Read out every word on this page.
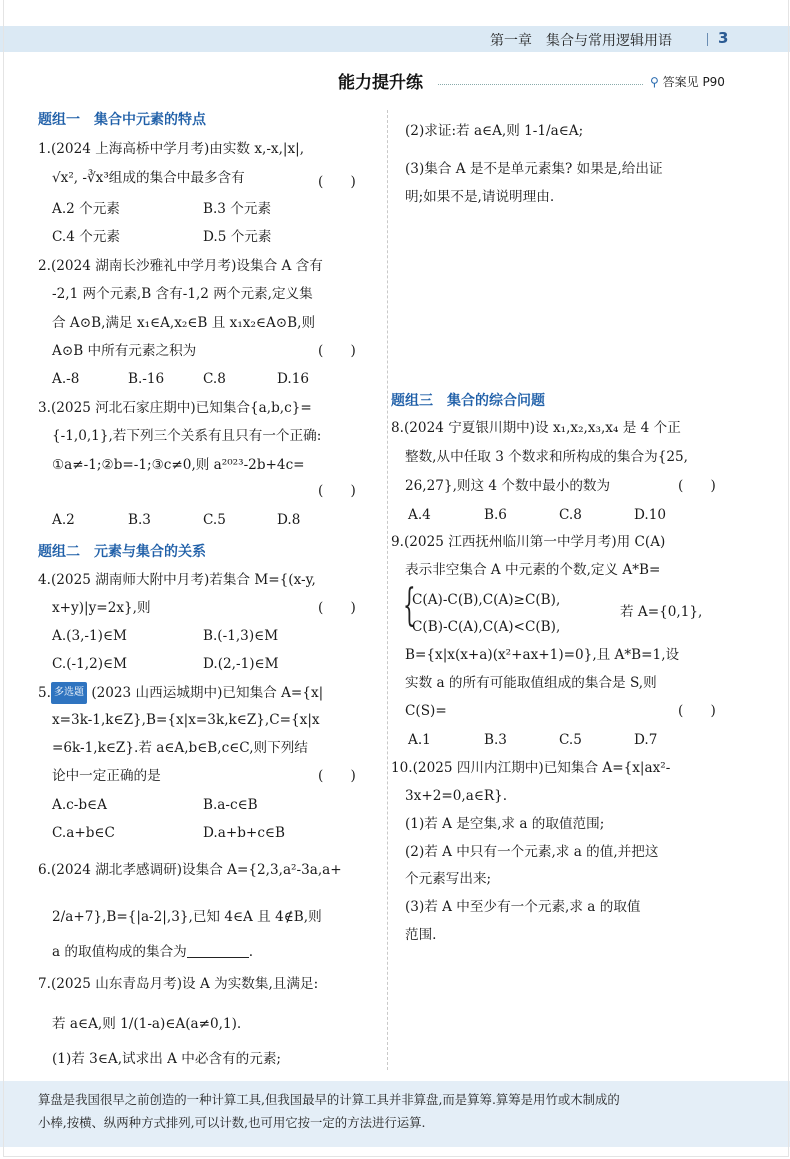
第一章　集合与常用逻辑用语	3
能力提升练	⚲ 答案见 P90
题组一　集合中元素的特点
1.(2024 上海高桥中学月考)由实数 x,-x,|x|,
√x², -∛x³组成的集合中最多含有	(　　)
A.2 个元素	B.3 个元素
C.4 个元素	D.5 个元素
2.(2024 湖南长沙雅礼中学月考)设集合 A 含有
-2,1 两个元素,B 含有-1,2 两个元素,定义集
合 A⊙B,满足 x₁∈A,x₂∈B 且 x₁x₂∈A⊙B,则
A⊙B 中所有元素之积为	(　　)
A.-8	B.-16	C.8	D.16
3.(2025 河北石家庄期中)已知集合{a,b,c}=
{-1,0,1},若下列三个关系有且只有一个正确:
①a≠-1;②b=-1;③c≠0,则 a²⁰²³-2b+4c=
(　　)
A.2	B.3	C.5	D.8
题组二　元素与集合的关系
4.(2025 湖南师大附中月考)若集合 M={(x-y,
x+y)|y=2x},则	(　　)
A.(3,-1)∈M	B.(-1,3)∈M
C.(-1,2)∈M	D.(2,-1)∈M
5. 多选题 (2023 山西运城期中)已知集合 A={x|
x=3k-1,k∈Z},B={x|x=3k,k∈Z},C={x|x
=6k-1,k∈Z}.若 a∈A,b∈B,c∈C,则下列结
论中一定正确的是	(　　)
A.c-b∈A	B.a-c∈B
C.a+b∈C	D.a+b+c∈B
6.(2024 湖北孝感调研)设集合 A={2,3,a²-3a,a+
2/a+7},B={|a-2|,3},已知 4∈A 且 4∉B,则
a 的取值构成的集合为	.
7.(2025 山东青岛月考)设 A 为实数集,且满足:
若 a∈A,则 1/(1-a)∈A(a≠0,1).
(1)若 3∈A,试求出 A 中必含有的元素;
(2)求证:若 a∈A,则 1-1/a∈A;
(3)集合 A 是不是单元素集? 如果是,给出证
明;如果不是,请说明理由.
题组三　集合的综合问题
8.(2024 宁夏银川期中)设 x₁,x₂,x₃,x₄ 是 4 个正
整数,从中任取 3 个数求和所构成的集合为{25,
26,27},则这 4 个数中最小的数为	(　　)
A.4	B.6	C.8	D.10
9.(2025 江西抚州临川第一中学月考)用 C(A)
表示非空集合 A 中元素的个数,定义 A*B=
{
C(A)-C(B),C(A)≥C(B),
若 A={0,1},
C(B)-C(A),C(A)<C(B),
B={x|x(x+a)(x²+ax+1)=0},且 A*B=1,设
实数 a 的所有可能取值组成的集合是 S,则
C(S)=	(　　)
A.1	B.3	C.5	D.7
10.(2025 四川内江期中)已知集合 A={x|ax²-
3x+2=0,a∈R}.
(1)若 A 是空集,求 a 的取值范围;
(2)若 A 中只有一个元素,求 a 的值,并把这
个元素写出来;
(3)若 A 中至少有一个元素,求 a 的取值
范围.
算盘是我国很早之前创造的一种计算工具,但我国最早的计算工具并非算盘,而是算筹.算筹是用竹或木制成的
小棒,按横、纵两种方式排列,可以计数,也可用它按一定的方法进行运算.
